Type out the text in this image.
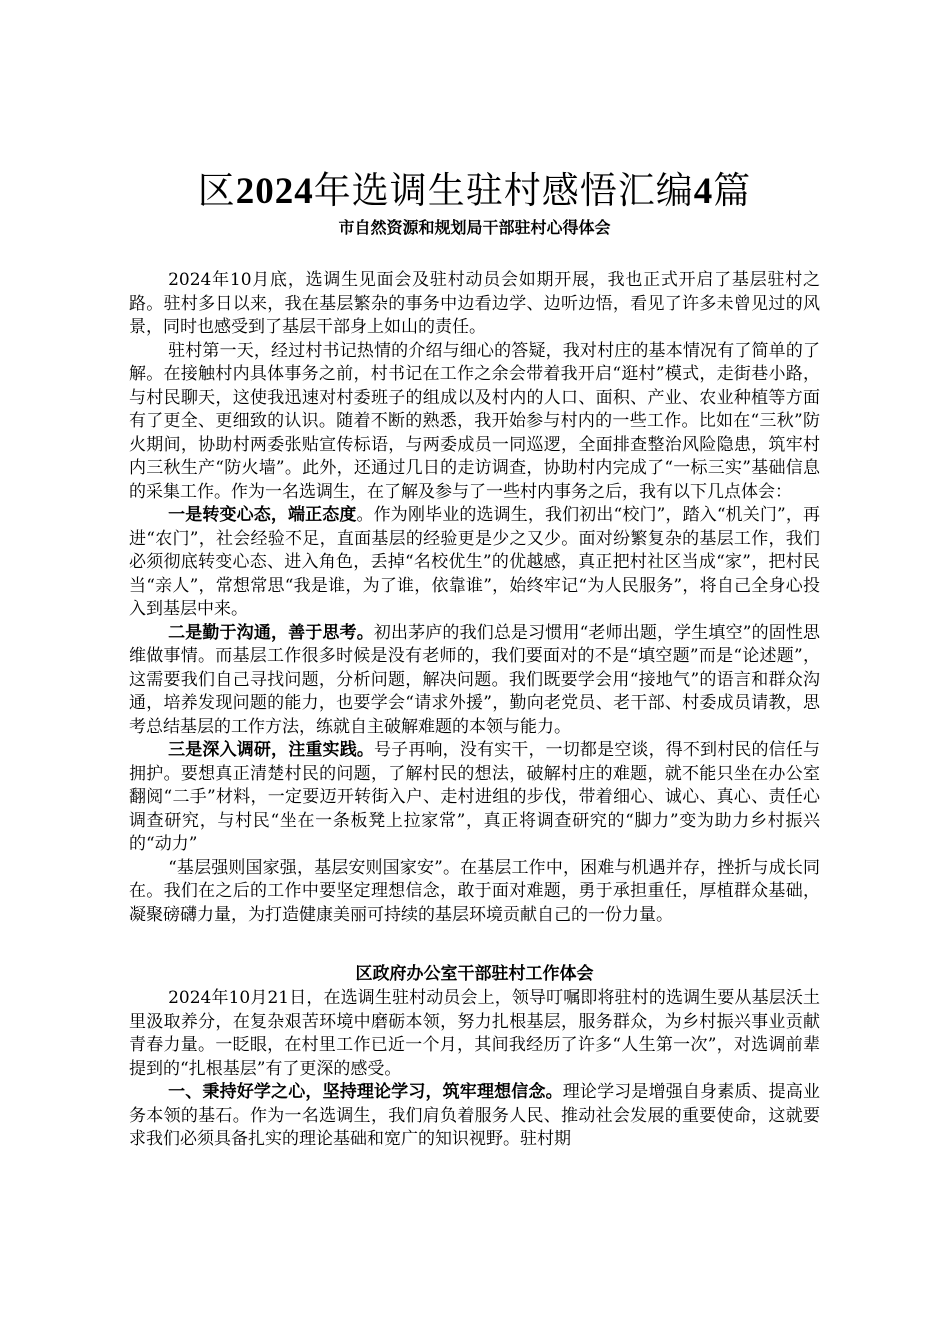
区2024年选调生驻村感悟汇编4篇
市自然资源和规划局干部驻村心得体会

2024年10月底，选调生见面会及驻村动员会如期开展，我也正式开启了基层驻村之路。驻村多日以来，我在基层繁杂的事务中边看边学、边听边悟，看见了许多未曾见过的风景，同时也感受到了基层干部身上如山的责任。

驻村第一天，经过村书记热情的介绍与细心的答疑，我对村庄的基本情况有了简单的了解。在接触村内具体事务之前，村书记在工作之余会带着我开启“逛村”模式，走街巷小路，与村民聊天，这使我迅速对村委班子的组成以及村内的人口、面积、产业、农业种植等方面有了更全、更细致的认识。随着不断的熟悉，我开始参与村内的一些工作。比如在“三秋”防火期间，协助村两委张贴宣传标语，与两委成员一同巡逻，全面排查整治风险隐患，筑牢村内三秋生产“防火墙”。此外，还通过几日的走访调查，协助村内完成了“一标三实”基础信息的采集工作。作为一名选调生，在了解及参与了一些村内事务之后，我有以下几点体会：

一是转变心态，端正态度。作为刚毕业的选调生，我们初出“校门”，踏入“机关门”，再进“农门”，社会经验不足，直面基层的经验更是少之又少。面对纷繁复杂的基层工作，我们必须彻底转变心态、进入角色，丢掉“名校优生”的优越感，真正把村社区当成“家”，把村民当“亲人”，常想常思“我是谁，为了谁，依靠谁”，始终牢记“为人民服务”，将自己全身心投入到基层中来。

二是勤于沟通，善于思考。初出茅庐的我们总是习惯用“老师出题，学生填空”的固性思维做事情。而基层工作很多时候是没有老师的，我们要面对的不是“填空题”而是“论述题”，这需要我们自己寻找问题，分析问题，解决问题。我们既要学会用“接地气”的语言和群众沟通，培养发现问题的能力，也要学会“请求外援”，勤向老党员、老干部、村委成员请教，思考总结基层的工作方法，练就自主破解难题的本领与能力。

三是深入调研，注重实践。号子再响，没有实干，一切都是空谈，得不到村民的信任与拥护。要想真正清楚村民的问题，了解村民的想法，破解村庄的难题，就不能只坐在办公室翻阅“二手”材料，一定要迈开转街入户、走村进组的步伐，带着细心、诚心、真心、责任心调查研究，与村民“坐在一条板凳上拉家常”，真正将调查研究的“脚力”变为助力乡村振兴的“动力”

“基层强则国家强，基层安则国家安”。在基层工作中，困难与机遇并存，挫折与成长同在。我们在之后的工作中要坚定理想信念，敢于面对难题，勇于承担重任，厚植群众基础，凝聚磅礴力量，为打造健康美丽可持续的基层环境贡献自己的一份力量。

区政府办公室干部驻村工作体会

2024年10月21日，在选调生驻村动员会上，领导叮嘱即将驻村的选调生要从基层沃土里汲取养分，在复杂艰苦环境中磨砺本领，努力扎根基层，服务群众，为乡村振兴事业贡献青春力量。一眨眼，在村里工作已近一个月，其间我经历了许多“人生第一次”，对选调前辈提到的“扎根基层”有了更深的感受。

一、秉持好学之心，坚持理论学习，筑牢理想信念。理论学习是增强自身素质、提高业务本领的基石。作为一名选调生，我们肩负着服务人民、推动社会发展的重要使命，这就要求我们必须具备扎实的理论基础和宽广的知识视野。驻村期
